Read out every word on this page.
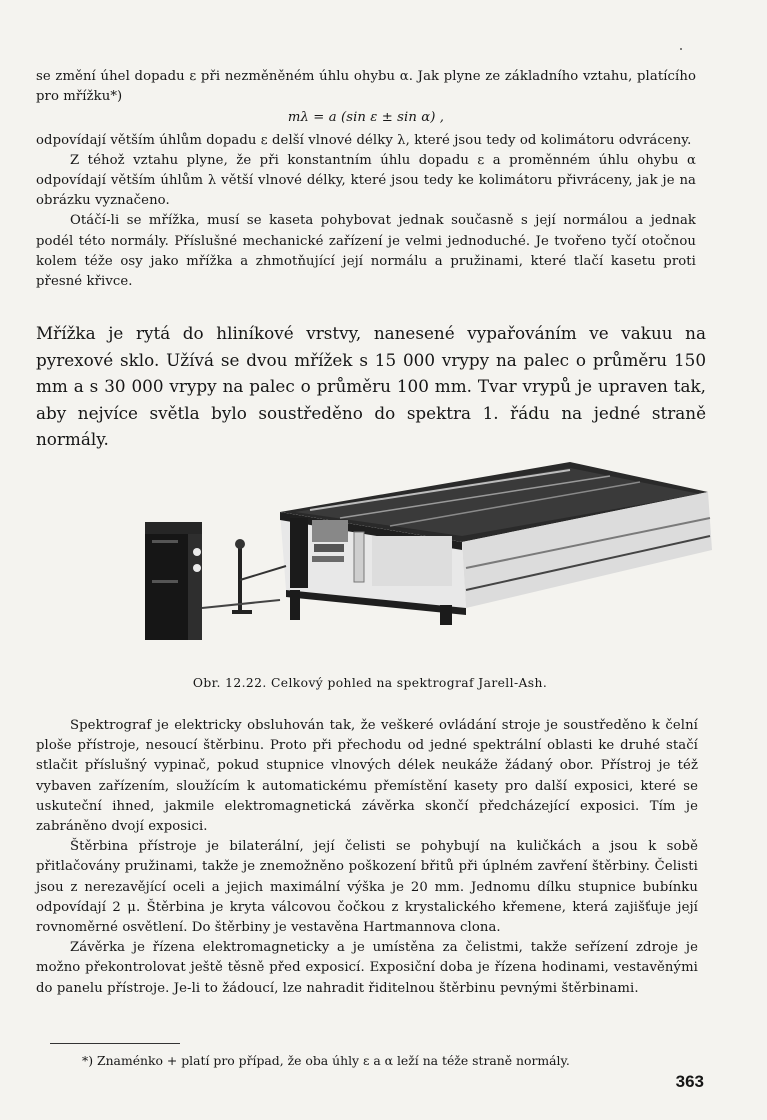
se změní úhel dopadu ε při nezměněném úhlu ohybu α. Jak plyne ze základního vztahu, platícího pro mřížku*)

mλ = a (sin ε ± sin α) ,

odpovídají větším úhlům dopadu ε delší vlnové délky λ, které jsou tedy od kolimátoru odvráceny.

Z téhož vztahu plyne, že při konstantním úhlu dopadu ε a proměnném úhlu ohybu α odpovídají větším úhlům λ větší vlnové délky, které jsou tedy ke kolimátoru přivráceny, jak je na obrázku vyznačeno.

Otáčí-li se mřížka, musí se kaseta pohybovat jednak současně s její normálou a jednak podél této normály. Příslušné mechanické zařízení je velmi jednoduché. Je tvořeno tyčí otočnou kolem téže osy jako mřížka a zhmotňující její normálu a pružinami, které tlačí kasetu proti přesné křivce.

Mřížka je rytá do hliníkové vrstvy, nanesené vypařováním ve vakuu na pyrexové sklo. Užívá se dvou mřížek s 15 000 vrypy na palec o průměru 150 mm a s 30 000 vrypy na palec o průměru 100 mm. Tvar vrypů je upraven tak, aby nejvíce světla bylo soustředěno do spektra 1. řádu na jedné straně normály.
Obr. 12.22. Celkový pohled na spektrograf Jarell-Ash.

Spektrograf je elektricky obsluhován tak, že veškeré ovládání stroje je soustředěno k čelní ploše přístroje, nesoucí štěrbinu. Proto při přechodu od jedné spektrální oblasti ke druhé stačí stlačit příslušný vypinač, pokud stupnice vlnových délek neukáže žádaný obor. Přístroj je též vybaven zařízením, sloužícím k automatickému přemístění kasety pro další exposici, které se uskuteční ihned, jakmile elektromagnetická závěrka skončí předcházející exposici. Tím je zabráněno dvojí exposici.

Štěrbina přístroje je bilaterální, její čelisti se pohybují na kuličkách a jsou k sobě přitlačovány pružinami, takže je znemožněno poškození břitů při úplném zavření štěrbiny. Čelisti jsou z nerezavějící oceli a jejich maximální výška je 20 mm. Jednomu dílku stupnice bubínku odpovídají 2 μ. Štěrbina je kryta válcovou čočkou z krystalického křemene, která zajišťuje její rovnoměrné osvětlení. Do štěrbiny je vestavěna Hartmannova clona.

Závěrka je řízena elektromagneticky a je umístěna za čelistmi, takže seřízení zdroje je možno překontrolovat ještě těsně před exposicí. Exposiční doba je řízena hodinami, vestavěnými do panelu přístroje. Je-li to žádoucí, lze nahradit řiditelnou štěrbinu pevnými štěrbinami.

*) Znaménko + platí pro případ, že oba úhly ε a α leží na téže straně normály.
363
